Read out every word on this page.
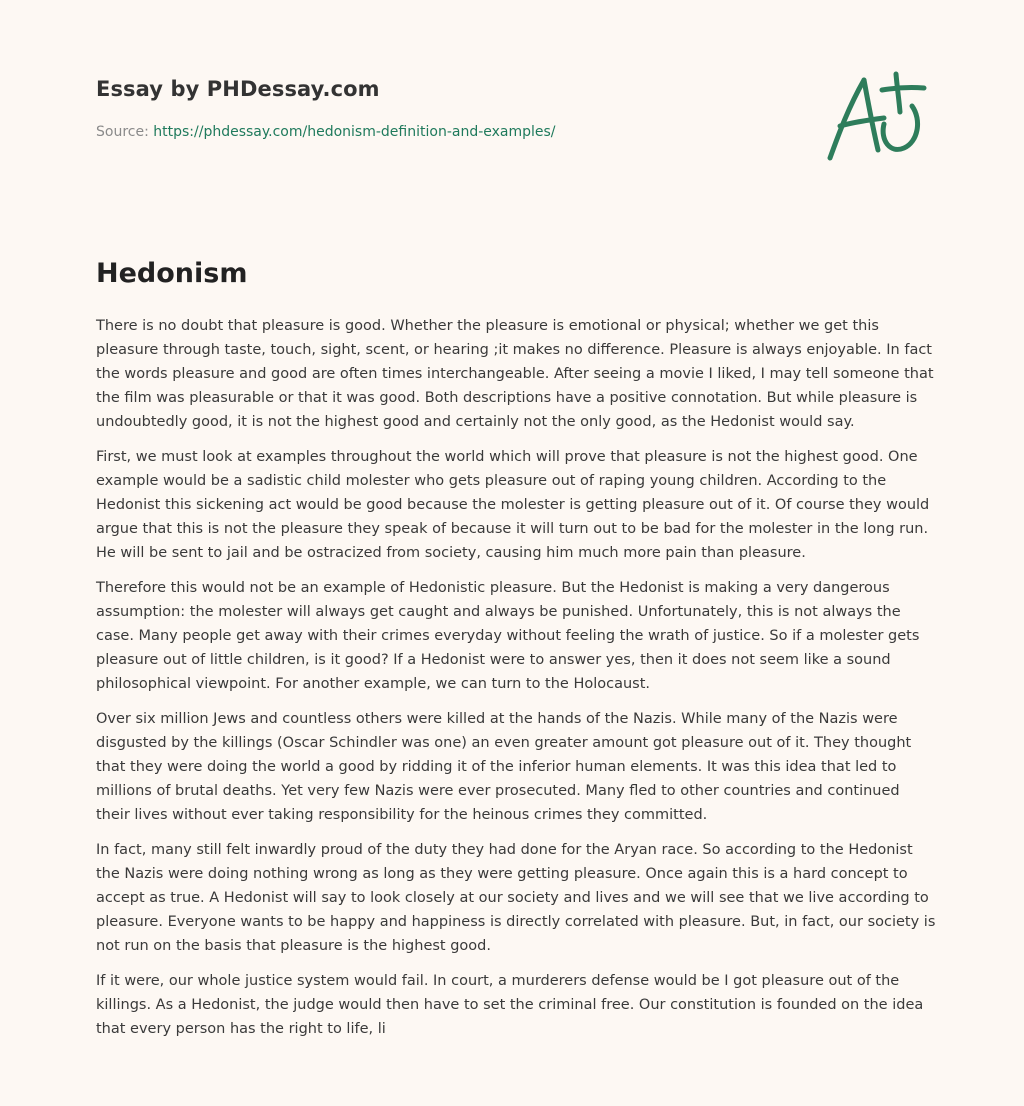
Essay by PHDessay.com
Source: https://phdessay.com/hedonism-definition-and-examples/
Hedonism

There is no doubt that pleasure is good. Whether the pleasure is emotional or physical; whether we get this pleasure through taste, touch, sight, scent, or hearing ;it makes no difference. Pleasure is always enjoyable. In fact the words pleasure and good are often times interchangeable. After seeing a movie I liked, I may tell someone that the film was pleasurable or that it was good. Both descriptions have a positive connotation. But while pleasure is undoubtedly good, it is not the highest good and certainly not the only good, as the Hedonist would say.

First, we must look at examples throughout the world which will prove that pleasure is not the highest good. One example would be a sadistic child molester who gets pleasure out of raping young children. According to the Hedonist this sickening act would be good because the molester is getting pleasure out of it. Of course they would argue that this is not the pleasure they speak of because it will turn out to be bad for the molester in the long run. He will be sent to jail and be ostracized from society, causing him much more pain than pleasure.

Therefore this would not be an example of Hedonistic pleasure. But the Hedonist is making a very dangerous assumption: the molester will always get caught and always be punished. Unfortunately, this is not always the case. Many people get away with their crimes everyday without feeling the wrath of justice. So if a molester gets pleasure out of little children, is it good? If a Hedonist were to answer yes, then it does not seem like a sound philosophical viewpoint. For another example, we can turn to the Holocaust.

Over six million Jews and countless others were killed at the hands of the Nazis. While many of the Nazis were disgusted by the killings (Oscar Schindler was one) an even greater amount got pleasure out of it. They thought that they were doing the world a good by ridding it of the inferior human elements. It was this idea that led to millions of brutal deaths. Yet very few Nazis were ever prosecuted. Many fled to other countries and continued their lives without ever taking responsibility for the heinous crimes they committed.

In fact, many still felt inwardly proud of the duty they had done for the Aryan race. So according to the Hedonist the Nazis were doing nothing wrong as long as they were getting pleasure. Once again this is a hard concept to accept as true. A Hedonist will say to look closely at our society and lives and we will see that we live according to pleasure. Everyone wants to be happy and happiness is directly correlated with pleasure. But, in fact, our society is not run on the basis that pleasure is the highest good.

If it were, our whole justice system would fail. In court, a murderers defense would be I got pleasure out of the killings. As a Hedonist, the judge would then have to set the criminal free. Our constitution is founded on the idea that every person has the right to life, li
